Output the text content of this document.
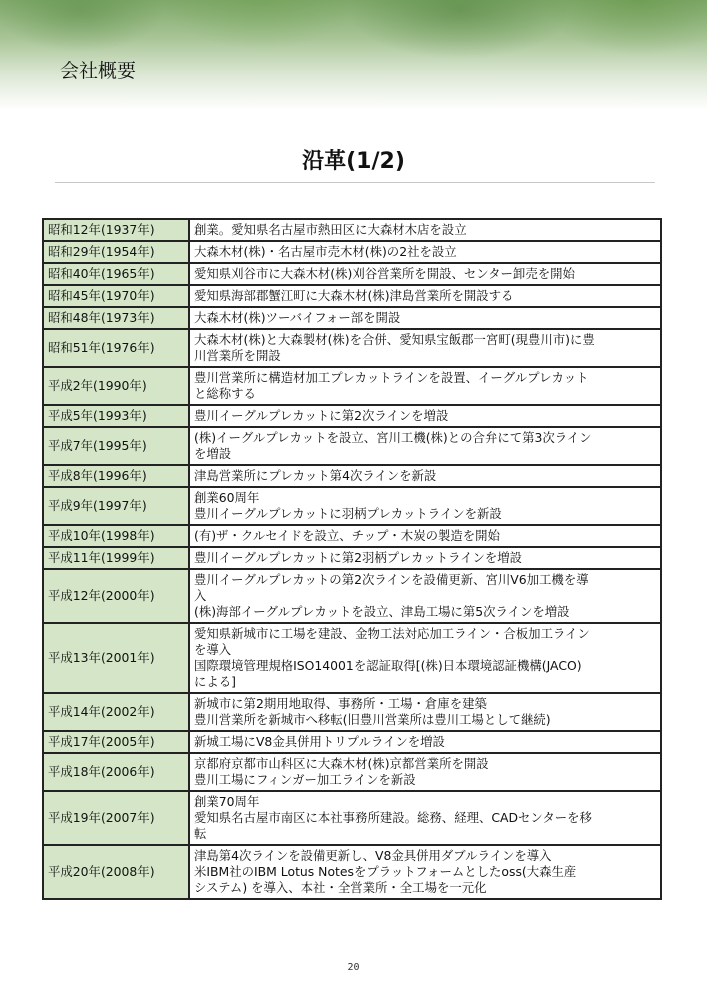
会社概要
沿革(1/2)
昭和12年(1937年)	創業。愛知県名古屋市熱田区に大森材木店を設立

昭和29年(1954年)	大森木材(株)・名古屋市売木材(株)の2社を設立

昭和40年(1965年)	愛知県刈谷市に大森木材(株)刈谷営業所を開設、センター卸売を開始

昭和45年(1970年)	愛知県海部郡蟹江町に大森木材(株)津島営業所を開設する

昭和48年(1973年)	大森木材(株)ツーバイフォー部を開設

昭和51年(1976年)	大森木材(株)と大森製材(株)を合併、愛知県宝飯郡一宮町(現豊川市)に豊
川営業所を開設

平成2年(1990年)	豊川営業所に構造材加工プレカットラインを設置、イーグルプレカット
と総称する

平成5年(1993年)	豊川イーグルプレカットに第2次ラインを増設

平成7年(1995年)	(株)イーグルプレカットを設立、宮川工機(株)との合弁にて第3次ライン
を増設

平成8年(1996年)	津島営業所にプレカット第4次ラインを新設

平成9年(1997年)	創業60周年
豊川イーグルプレカットに羽柄プレカットラインを新設

平成10年(1998年)	(有)ザ・クルセイドを設立、チップ・木炭の製造を開始

平成11年(1999年)	豊川イーグルプレカットに第2羽柄プレカットラインを増設

平成12年(2000年)	豊川イーグルプレカットの第2次ラインを設備更新、宮川V6加工機を導
入
(株)海部イーグルプレカットを設立、津島工場に第5次ラインを増設

平成13年(2001年)	愛知県新城市に工場を建設、金物工法対応加工ライン・合板加工ライン
を導入
国際環境管理規格ISO14001を認証取得[(株)日本環境認証機構(JACO)
による]

平成14年(2002年)	新城市に第2期用地取得、事務所・工場・倉庫を建築
豊川営業所を新城市へ移転(旧豊川営業所は豊川工場として継続)

平成17年(2005年)	新城工場にV8金具併用トリプルラインを増設

平成18年(2006年)	京都府京都市山科区に大森木材(株)京都営業所を開設
豊川工場にフィンガー加工ラインを新設

平成19年(2007年)	創業70周年
愛知県名古屋市南区に本社事務所建設。総務、経理、CADセンターを移
転

平成20年(2008年)	津島第4次ラインを設備更新し、V8金具併用ダブルラインを導入
米IBM社のIBM Lotus Notesをプラットフォームとしたoss(大森生産
システム) を導入、本社・全営業所・全工場を一元化
20
